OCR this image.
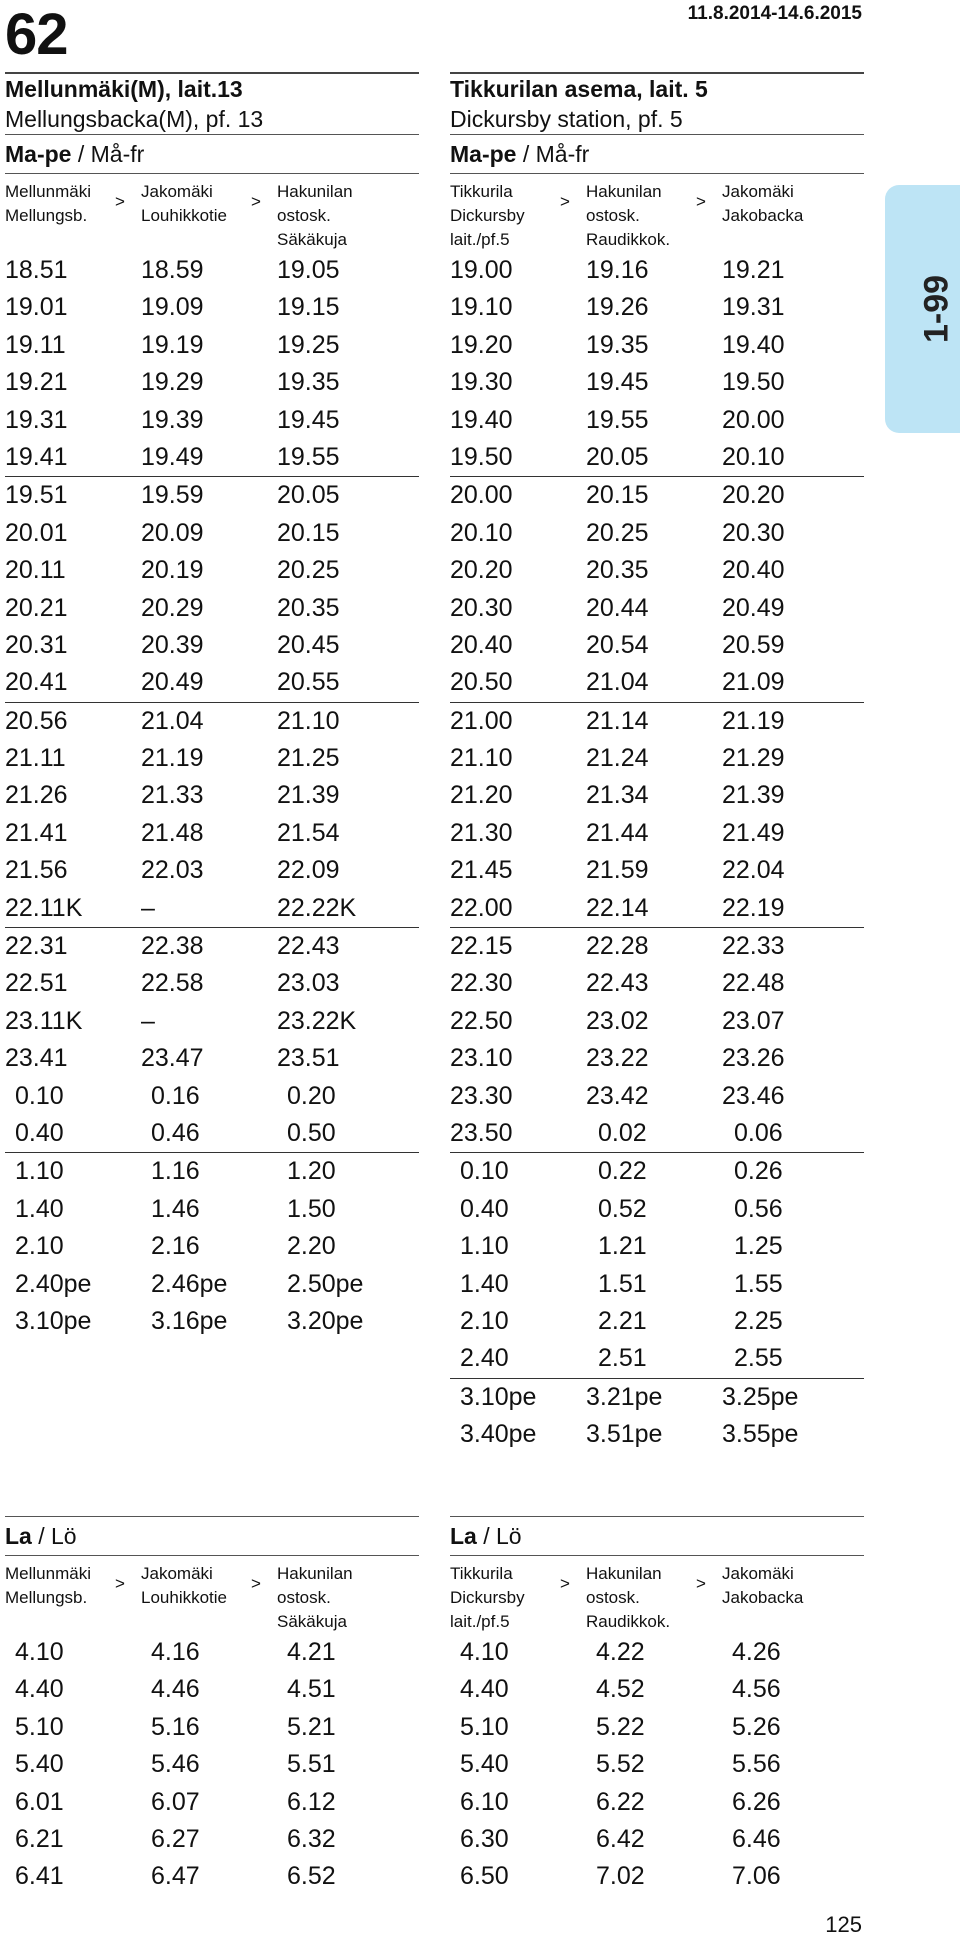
62	11.8.2014-14.6.2015
1-99

Mellunmäki(M), lait.13

Mellungsbacka(M), pf. 13

Ma-pe / Må-fr
Mellunmäki
Mellungsb.
Jakomäki
Louhikkotie
Hakunilan
ostosk.
Säkäkuja
>	>
18.51	18.59	19.05
19.01	19.09	19.15
19.11	19.19	19.25
19.21	19.29	19.35
19.31	19.39	19.45
19.41	19.49	19.55
19.51	19.59	20.05
20.01	20.09	20.15
20.11	20.19	20.25
20.21	20.29	20.35
20.31	20.39	20.45
20.41	20.49	20.55
20.56	21.04	21.10
21.11	21.19	21.25
21.26	21.33	21.39
21.41	21.48	21.54
21.56	22.03	22.09
22.11K –	22.22K
22.31	22.38	22.43
22.51	22.58	23.03
23.11K –	23.22K
23.41	23.47	23.51
0.10	0.16	0.20
0.40	0.46	0.50
1.10	1.16	1.20
1.40	1.46	1.50
2.10	2.16	2.20
2.40pe	2.46pe	2.50pe
3.10pe	3.16pe	3.20pe

Tikkurilan asema, lait. 5

Dickursby station, pf. 5

Ma-pe / Må-fr
Tikkurila
Dickursby
lait./pf.5
Hakunilan
ostosk.
Raudikkok.
Jakomäki
Jakobacka
>	>
19.00	19.16	19.21
19.10	19.26	19.31
19.20	19.35	19.40
19.30	19.45	19.50
19.40	19.55	20.00
19.50	20.05	20.10
20.00	20.15	20.20
20.10	20.25	20.30
20.20	20.35	20.40
20.30	20.44	20.49
20.40	20.54	20.59
20.50	21.04	21.09
21.00	21.14	21.19
21.10	21.24	21.29
21.20	21.34	21.39
21.30	21.44	21.49
21.45	21.59	22.04
22.00	22.14	22.19
22.15	22.28	22.33
22.30	22.43	22.48
22.50	23.02	23.07
23.10	23.22	23.26
23.30	23.42	23.46
23.50	0.02	0.06
0.10	0.22	0.26
0.40	0.52	0.56
1.10	1.21	1.25
1.40	1.51	1.55
2.10	2.21	2.25
2.40	2.51	2.55
3.10pe 3.21pe 3.25pe
3.40pe 3.51pe 3.55pe
La / Lö
Mellunmäki
Mellungsb.
Jakomäki
Louhikkotie
Hakunilan
ostosk.
Säkäkuja
>	>
4.10	4.16	4.21
4.40	4.46	4.51
5.10	5.16	5.21
5.40	5.46	5.51
6.01	6.07	6.12
6.21	6.27	6.32
6.41	6.47	6.52
La / Lö
Tikkurila
Dickursby
lait./pf.5
Hakunilan
ostosk.
Raudikkok.
Jakomäki
Jakobacka
>	>
4.10	4.22	4.26
4.40	4.52	4.56
5.10	5.22	5.26
5.40	5.52	5.56
6.10	6.22	6.26
6.30	6.42	6.46
6.50	7.02	7.06
125
